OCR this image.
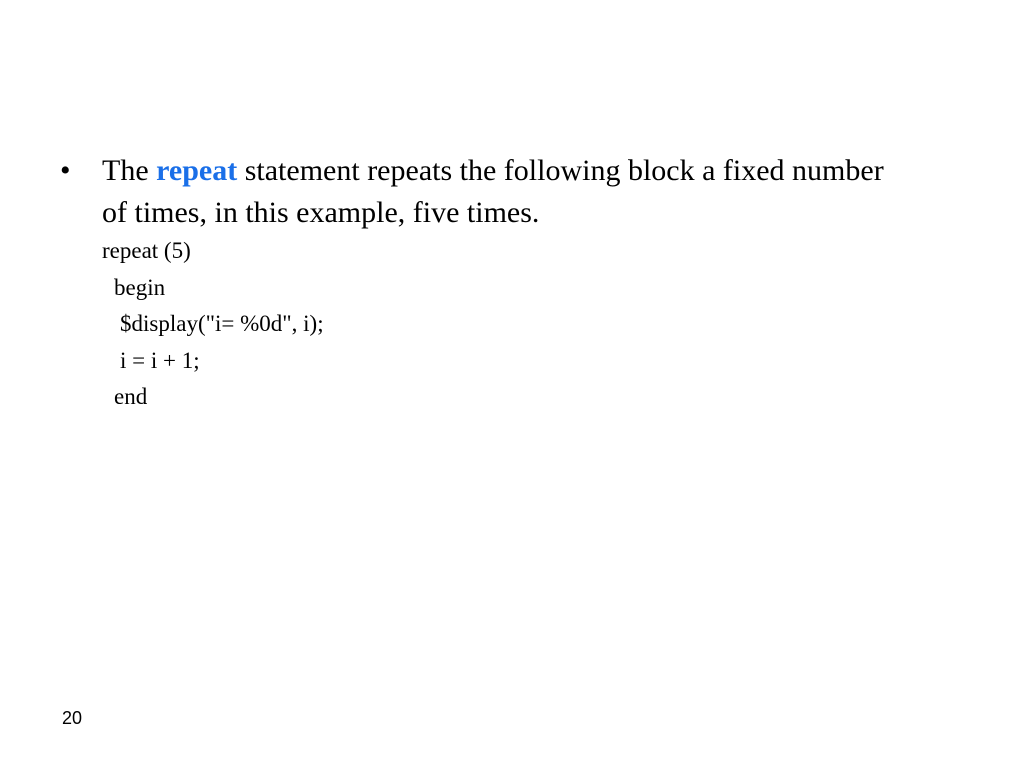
• The repeat statement repeats the following block a fixed number of times, in this example, five times.
repeat (5)
begin
$display("i= %0d", i);
i = i + 1;
end
20
